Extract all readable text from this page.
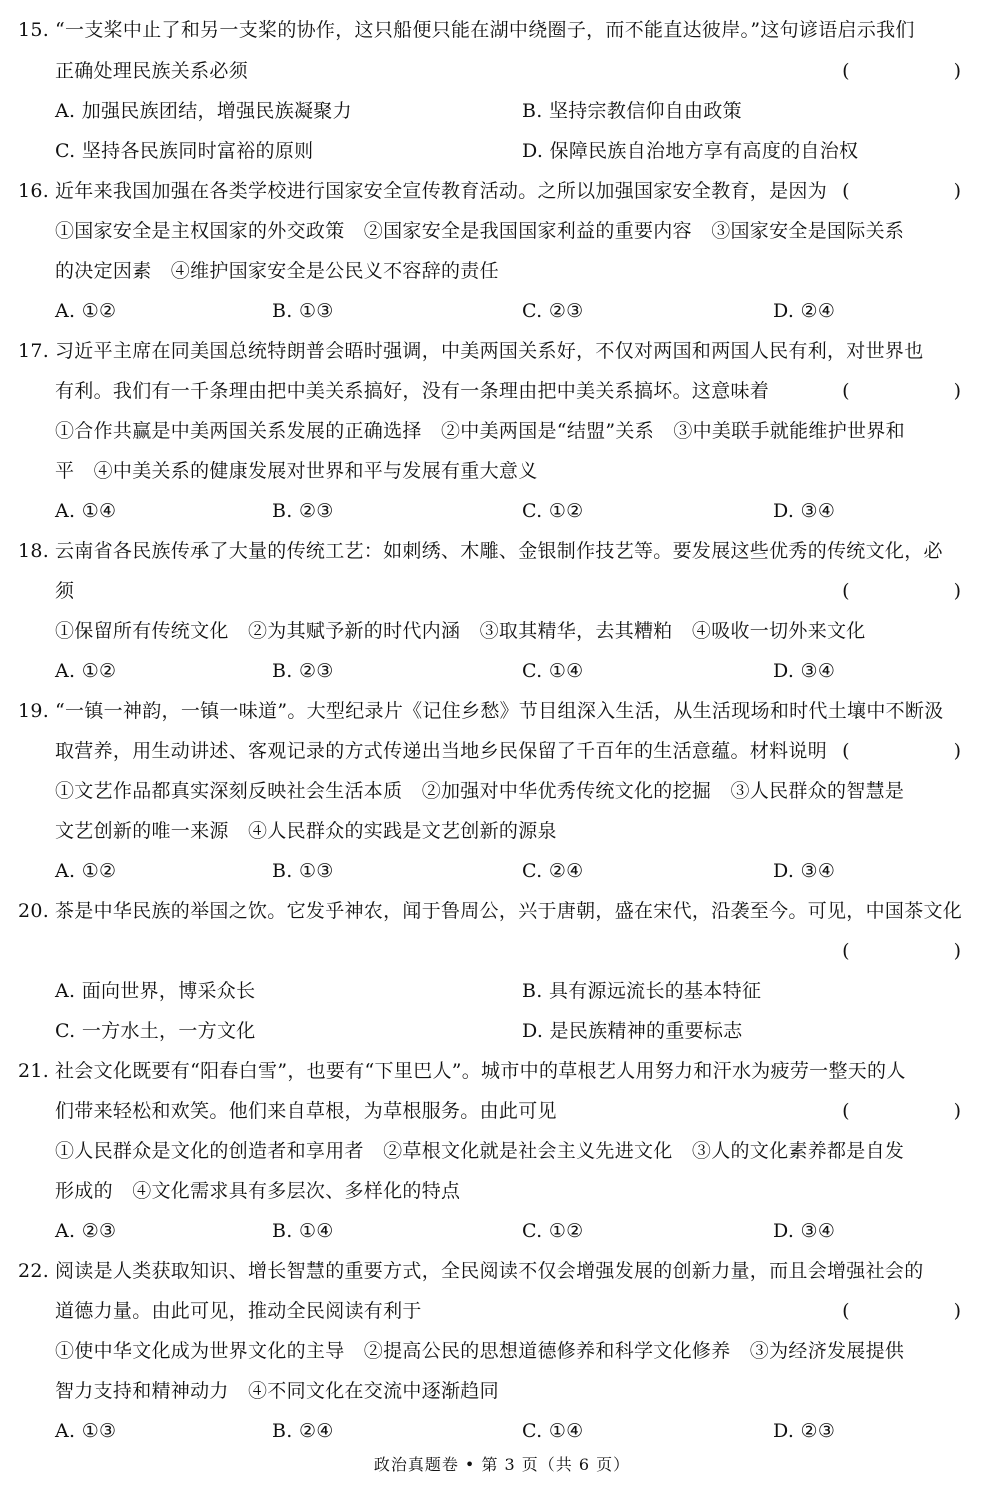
15. “一支桨中止了和另一支桨的协作，这只船便只能在湖中绕圈子，而不能直达彼岸。”这句谚语启示我们
正确处理民族关系必须	(　　)
A. 加强民族团结，增强民族凝聚力	B. 坚持宗教信仰自由政策
C. 坚持各民族同时富裕的原则	D. 保障民族自治地方享有高度的自治权
16. 近年来我国加强在各类学校进行国家安全宣传教育活动。之所以加强国家安全教育，是因为 (　　)
①国家安全是主权国家的外交政策　②国家安全是我国国家利益的重要内容　③国家安全是国际关系
的决定因素　④维护国家安全是公民义不容辞的责任
A. ①②	B. ①③	C. ②③	D. ②④
17. 习近平主席在同美国总统特朗普会晤时强调，中美两国关系好，不仅对两国和两国人民有利，对世界也
有利。我们有一千条理由把中美关系搞好，没有一条理由把中美关系搞坏。这意味着	(　　)
①合作共赢是中美两国关系发展的正确选择　②中美两国是“结盟”关系　③中美联手就能维护世界和
平　④中美关系的健康发展对世界和平与发展有重大意义
A. ①④	B. ②③	C. ①②	D. ③④
18. 云南省各民族传承了大量的传统工艺：如刺绣、木雕、金银制作技艺等。要发展这些优秀的传统文化，必
须	(　　)
①保留所有传统文化　②为其赋予新的时代内涵　③取其精华，去其糟粕　④吸收一切外来文化
A. ①②	B. ②③	C. ①④	D. ③④
19. “一镇一神韵，一镇一味道”。大型纪录片《记住乡愁》节目组深入生活，从生活现场和时代土壤中不断汲
取营养，用生动讲述、客观记录的方式传递出当地乡民保留了千百年的生活意蕴。材料说明 (　　)
①文艺作品都真实深刻反映社会生活本质　②加强对中华优秀传统文化的挖掘　③人民群众的智慧是
文艺创新的唯一来源　④人民群众的实践是文艺创新的源泉
A. ①②	B. ①③	C. ②④	D. ③④
20. 茶是中华民族的举国之饮。它发乎神农，闻于鲁周公，兴于唐朝，盛在宋代，沿袭至今。可见，中国茶文化
(　　)
A. 面向世界，博采众长	B. 具有源远流长的基本特征
C. 一方水土，一方文化	D. 是民族精神的重要标志
21. 社会文化既要有“阳春白雪”，也要有“下里巴人”。城市中的草根艺人用努力和汗水为疲劳一整天的人
们带来轻松和欢笑。他们来自草根，为草根服务。由此可见	(　　)
①人民群众是文化的创造者和享用者　②草根文化就是社会主义先进文化　③人的文化素养都是自发
形成的　④文化需求具有多层次、多样化的特点
A. ②③	B. ①④	C. ①②	D. ③④
22. 阅读是人类获取知识、增长智慧的重要方式，全民阅读不仅会增强发展的创新力量，而且会增强社会的
道德力量。由此可见，推动全民阅读有利于	(　　)
①使中华文化成为世界文化的主导　②提高公民的思想道德修养和科学文化修养　③为经济发展提供
智力支持和精神动力　④不同文化在交流中逐渐趋同
A. ①③	B. ②④	C. ①④	D. ②③
政治真题卷 • 第 3 页（共 6 页）
